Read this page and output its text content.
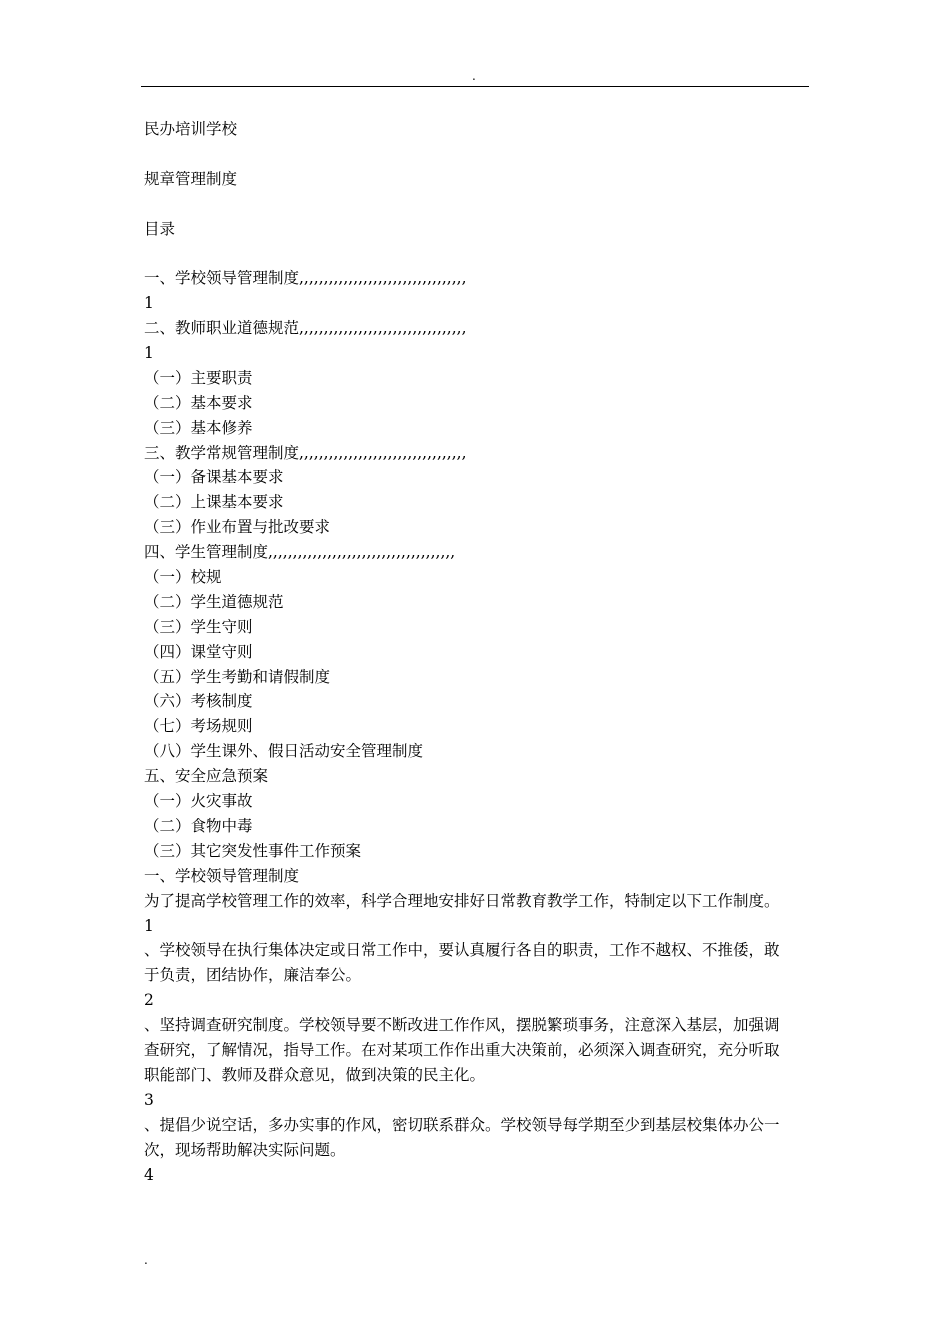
.
民办培训学校
规章管理制度
目录
一、学校领导管理制度,,,,,,,,,,,,,,,,,,,,,,,,,,,,,,,,,,
1
二、教师职业道德规范,,,,,,,,,,,,,,,,,,,,,,,,,,,,,,,,,,
1
（一）主要职责
（二）基本要求
（三）基本修养
三、教学常规管理制度,,,,,,,,,,,,,,,,,,,,,,,,,,,,,,,,,,
（一）备课基本要求
（二）上课基本要求
（三）作业布置与批改要求
四、学生管理制度,,,,,,,,,,,,,,,,,,,,,,,,,,,,,,,,,,,,,,
（一）校规
（二）学生道德规范
（三）学生守则
（四）课堂守则
（五）学生考勤和请假制度
（六）考核制度
（七）考场规则
（八）学生课外、假日活动安全管理制度
五、安全应急预案
（一）火灾事故
（二）食物中毒
（三）其它突发性事件工作预案
一、学校领导管理制度
为了提高学校管理工作的效率，科学合理地安排好日常教育教学工作，特制定以下工作制度。
1
、学校领导在执行集体决定或日常工作中，要认真履行各自的职责，工作不越权、不推倭，敢于负责，团结协作，廉洁奉公。
2
、坚持调查研究制度。学校领导要不断改进工作作风，摆脱繁琐事务，注意深入基层，加强调查研究，了解情况，指导工作。在对某项工作作出重大决策前，必须深入调查研究，充分听取职能部门、教师及群众意见，做到决策的民主化。
3
、提倡少说空话，多办实事的作风，密切联系群众。学校领导每学期至少到基层校集体办公一次，现场帮助解决实际问题。
4
.
